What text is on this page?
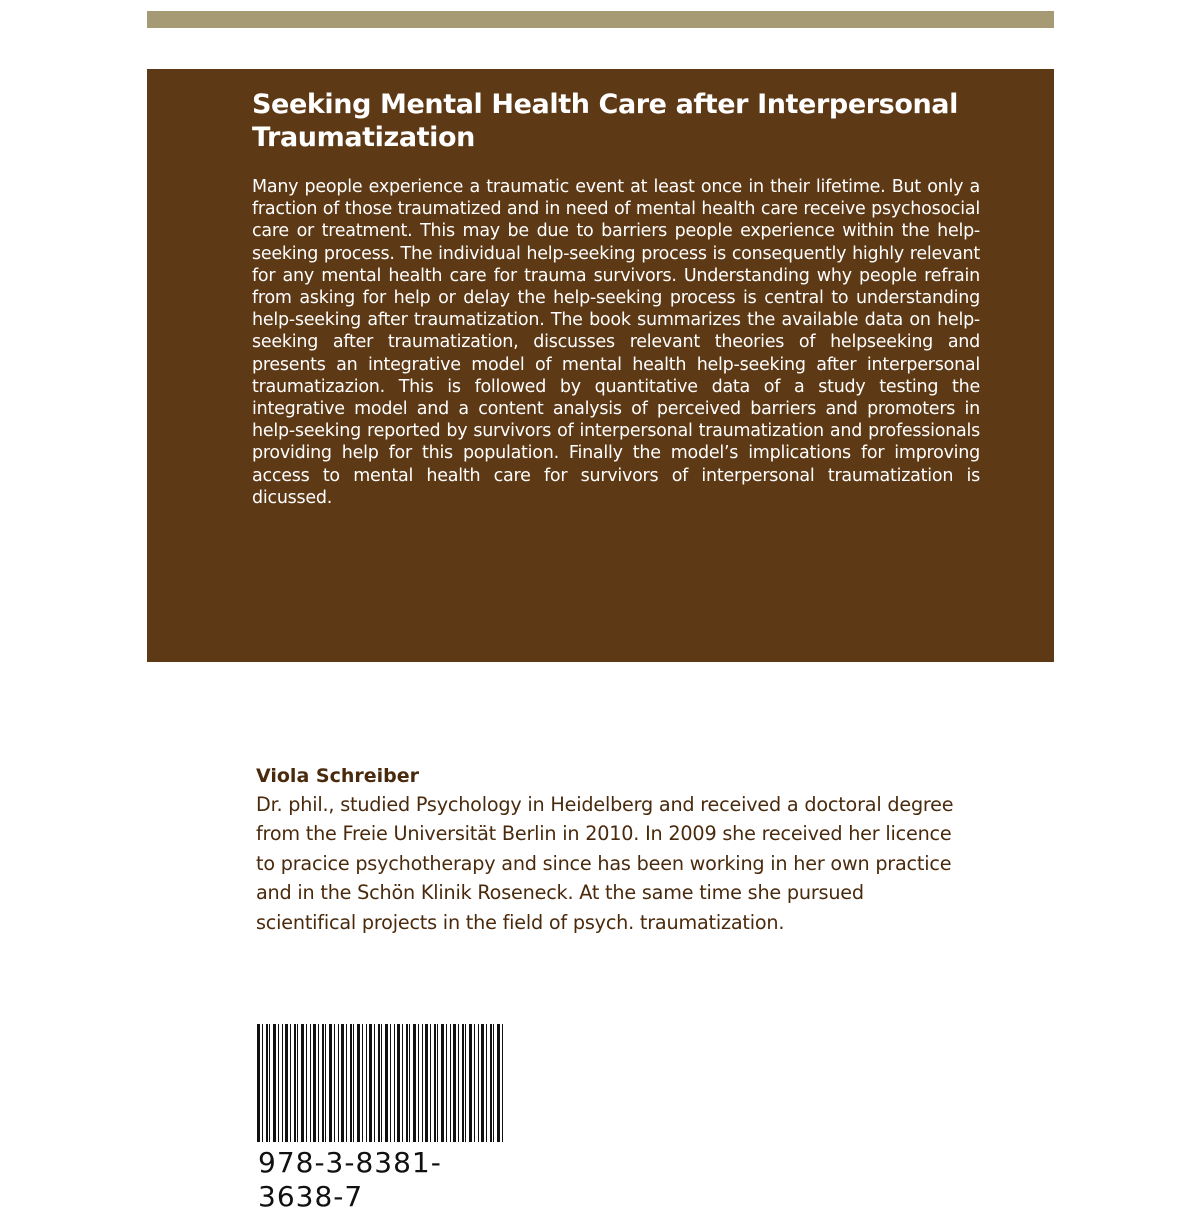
Seeking Mental Health Care after Interpersonal
Traumatization

Many people experience a traumatic event at least once in their lifetime. But only a fraction of those traumatized and in need of mental health care receive psychosocial care or treatment. This may be due to barriers people experience within the help-seeking process. The individual help-seeking process is consequently highly relevant for any mental health care for trauma survivors. Understanding why people refrain from asking for help or delay the help-seeking process is central to understanding help-seeking after traumatization. The book summarizes the available data on help-seeking after traumatization, discusses relevant theories of helpseeking and presents an integrative model of mental health help-seeking after interpersonal traumatizazion. This is followed by quantitative data of a study testing the integrative model and a content analysis of perceived barriers and promoters in help-seeking reported by survivors of interpersonal traumatization and professionals providing help for this population. Finally the model’s implications for improving access to mental health care for survivors of interpersonal traumatization is dicussed.

Viola Schreiber

Dr. phil., studied Psychology in Heidelberg and received a doctoral degree from the Freie Universität Berlin in 2010. In 2009 she received her licence to pracice psychotherapy and since has been working in her own practice and in the Schön Klinik Roseneck. At the same time she pursued scientifical projects in the field of psych. traumatization.

978-3-8381-3638-7
